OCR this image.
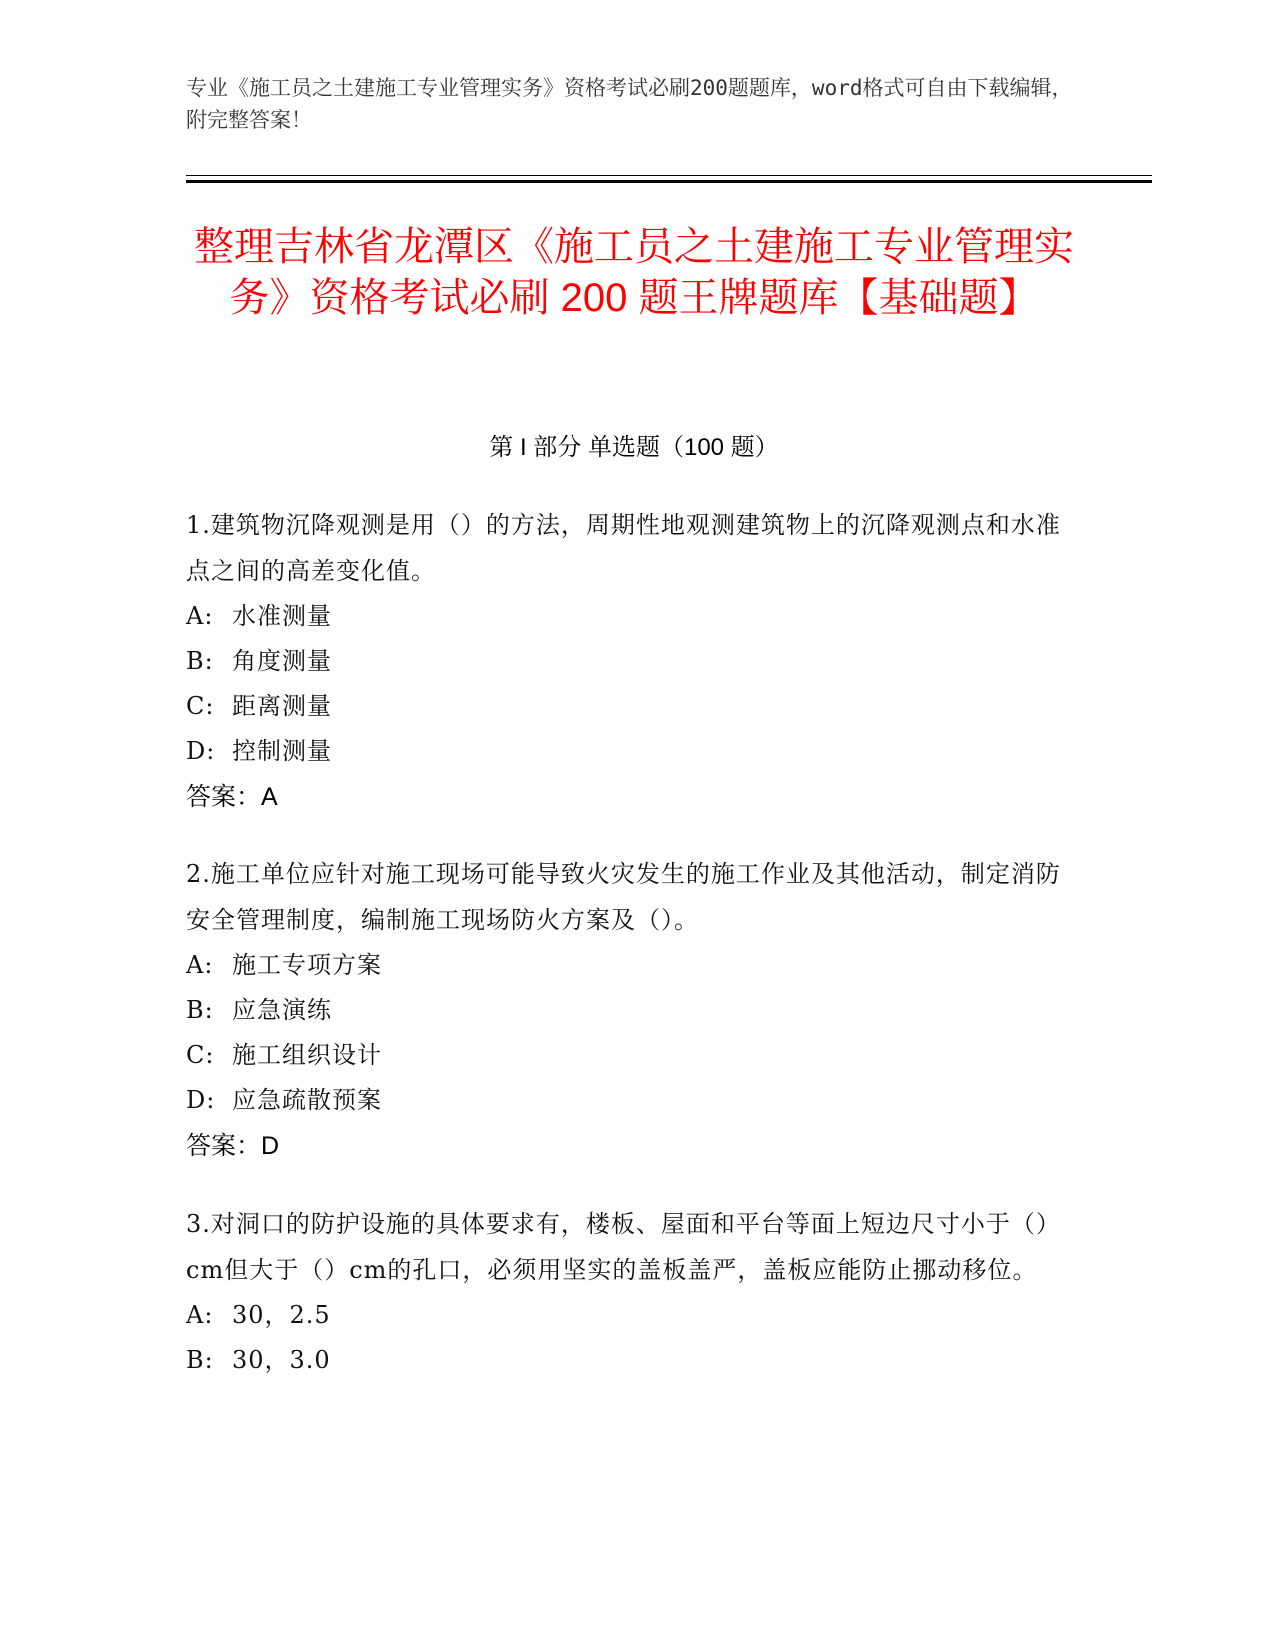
专业《施工员之土建施工专业管理实务》资格考试必刷200题题库，word格式可自由下载编辑，附完整答案！
整理吉林省龙潭区《施工员之土建施工专业管理实务》资格考试必刷 200 题王牌题库【基础题】
第 I 部分 单选题（100 题）
1.建筑物沉降观测是用（）的方法，周期性地观测建筑物上的沉降观测点和水准点之间的高差变化值。
A: 水准测量
B: 角度测量
C: 距离测量
D: 控制测量
答案：A
2.施工单位应针对施工现场可能导致火灾发生的施工作业及其他活动，制定消防安全管理制度，编制施工现场防火方案及（）。
A: 施工专项方案
B: 应急演练
C: 施工组织设计
D: 应急疏散预案
答案：D
3.对洞口的防护设施的具体要求有，楼板、屋面和平台等面上短边尺寸小于（）cm但大于（）cm的孔口，必须用坚实的盖板盖严，盖板应能防止挪动移位。
A: 30，2.5
B: 30，3.0
